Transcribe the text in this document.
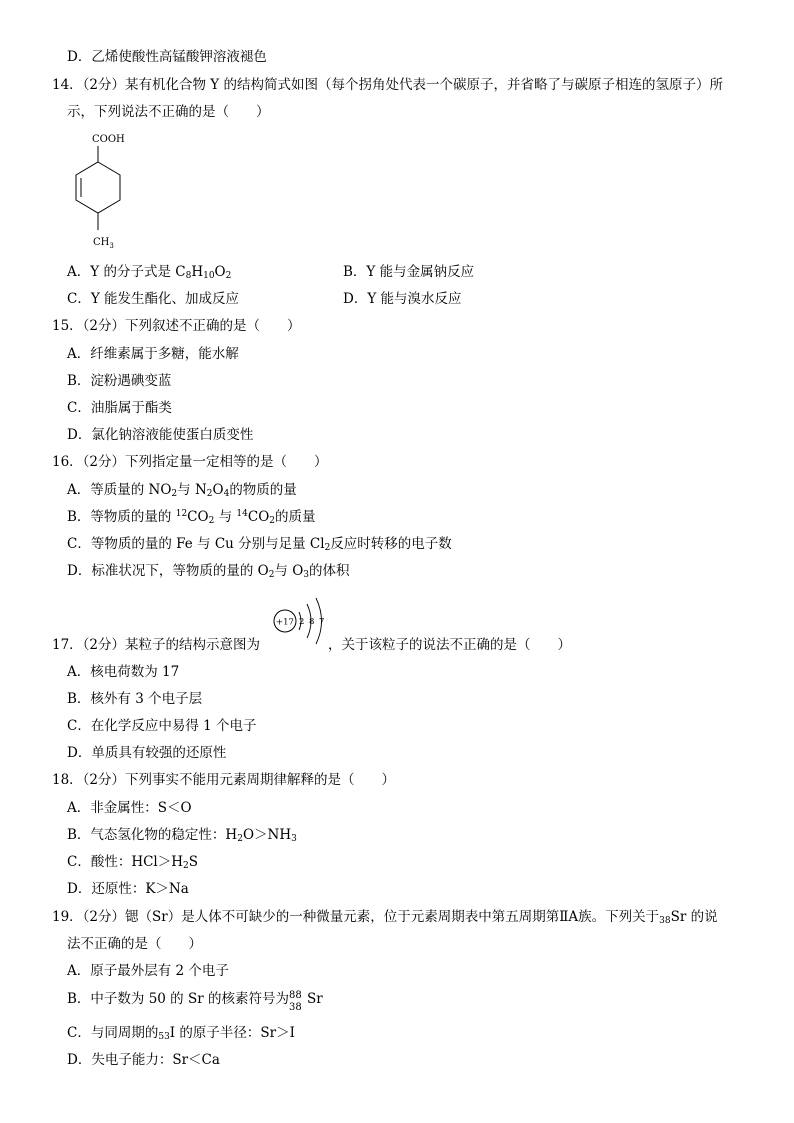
D．乙烯使酸性高锰酸钾溶液褪色
14．（2分）某有机化合物 Y 的结构简式如图（每个拐角处代表一个碳原子，并省略了与碳原子相连的氢原子）所
示，下列说法不正确的是（　　）
COOH
$CH_3$
A．Y 的分子式是 $C_8H_{10}O_2$	B．Y 能与金属钠反应
C．Y 能发生酯化、加成反应	D．Y 能与溴水反应
15．（2分）下列叙述不正确的是（　　）
A．纤维素属于多糖，能水解
B．淀粉遇碘变蓝
C．油脂属于酯类
D．氯化钠溶液能使蛋白质变性
16．（2分）下列指定量一定相等的是（　　）
A．等质量的 $NO_2$与 $N_2O_4$的物质的量
B．等物质的量的 $^{12}CO_2$ 与 $^{14}CO_2$的质量
C．等物质的量的 Fe 与 Cu 分别与足量 $Cl_2$反应时转移的电子数
D．标准状况下，等物质的量的 $O_2$与 $O_3$的体积
17．（2分）某粒子的结构示意图为
+17 2 8 7
，关于该粒子的说法不正确的是（　　）
A．核电荷数为 17
B．核外有 3 个电子层
C．在化学反应中易得 1 个电子
D．单质具有较强的还原性
18．（2分）下列事实不能用元素周期律解释的是（　　）
A．非金属性：S＜O
B．气态氢化物的稳定性：$H_2O>NH_3$
C．酸性：$HCl>H_2S$
D．还原性：K＞Na
19．（2分）锶（Sr）是人体不可缺少的一种微量元素，位于元素周期表中第五周期第ⅡA族。下列关于$_{38}$Sr 的说
法不正确的是（　　）
A．原子最外层有 2 个电子
B．中子数为 50 的 Sr 的核素符号为 88
38 Sr
C．与同周期的$_{53}$I 的原子半径：Sr＞I
D．失电子能力：Sr＜Ca
